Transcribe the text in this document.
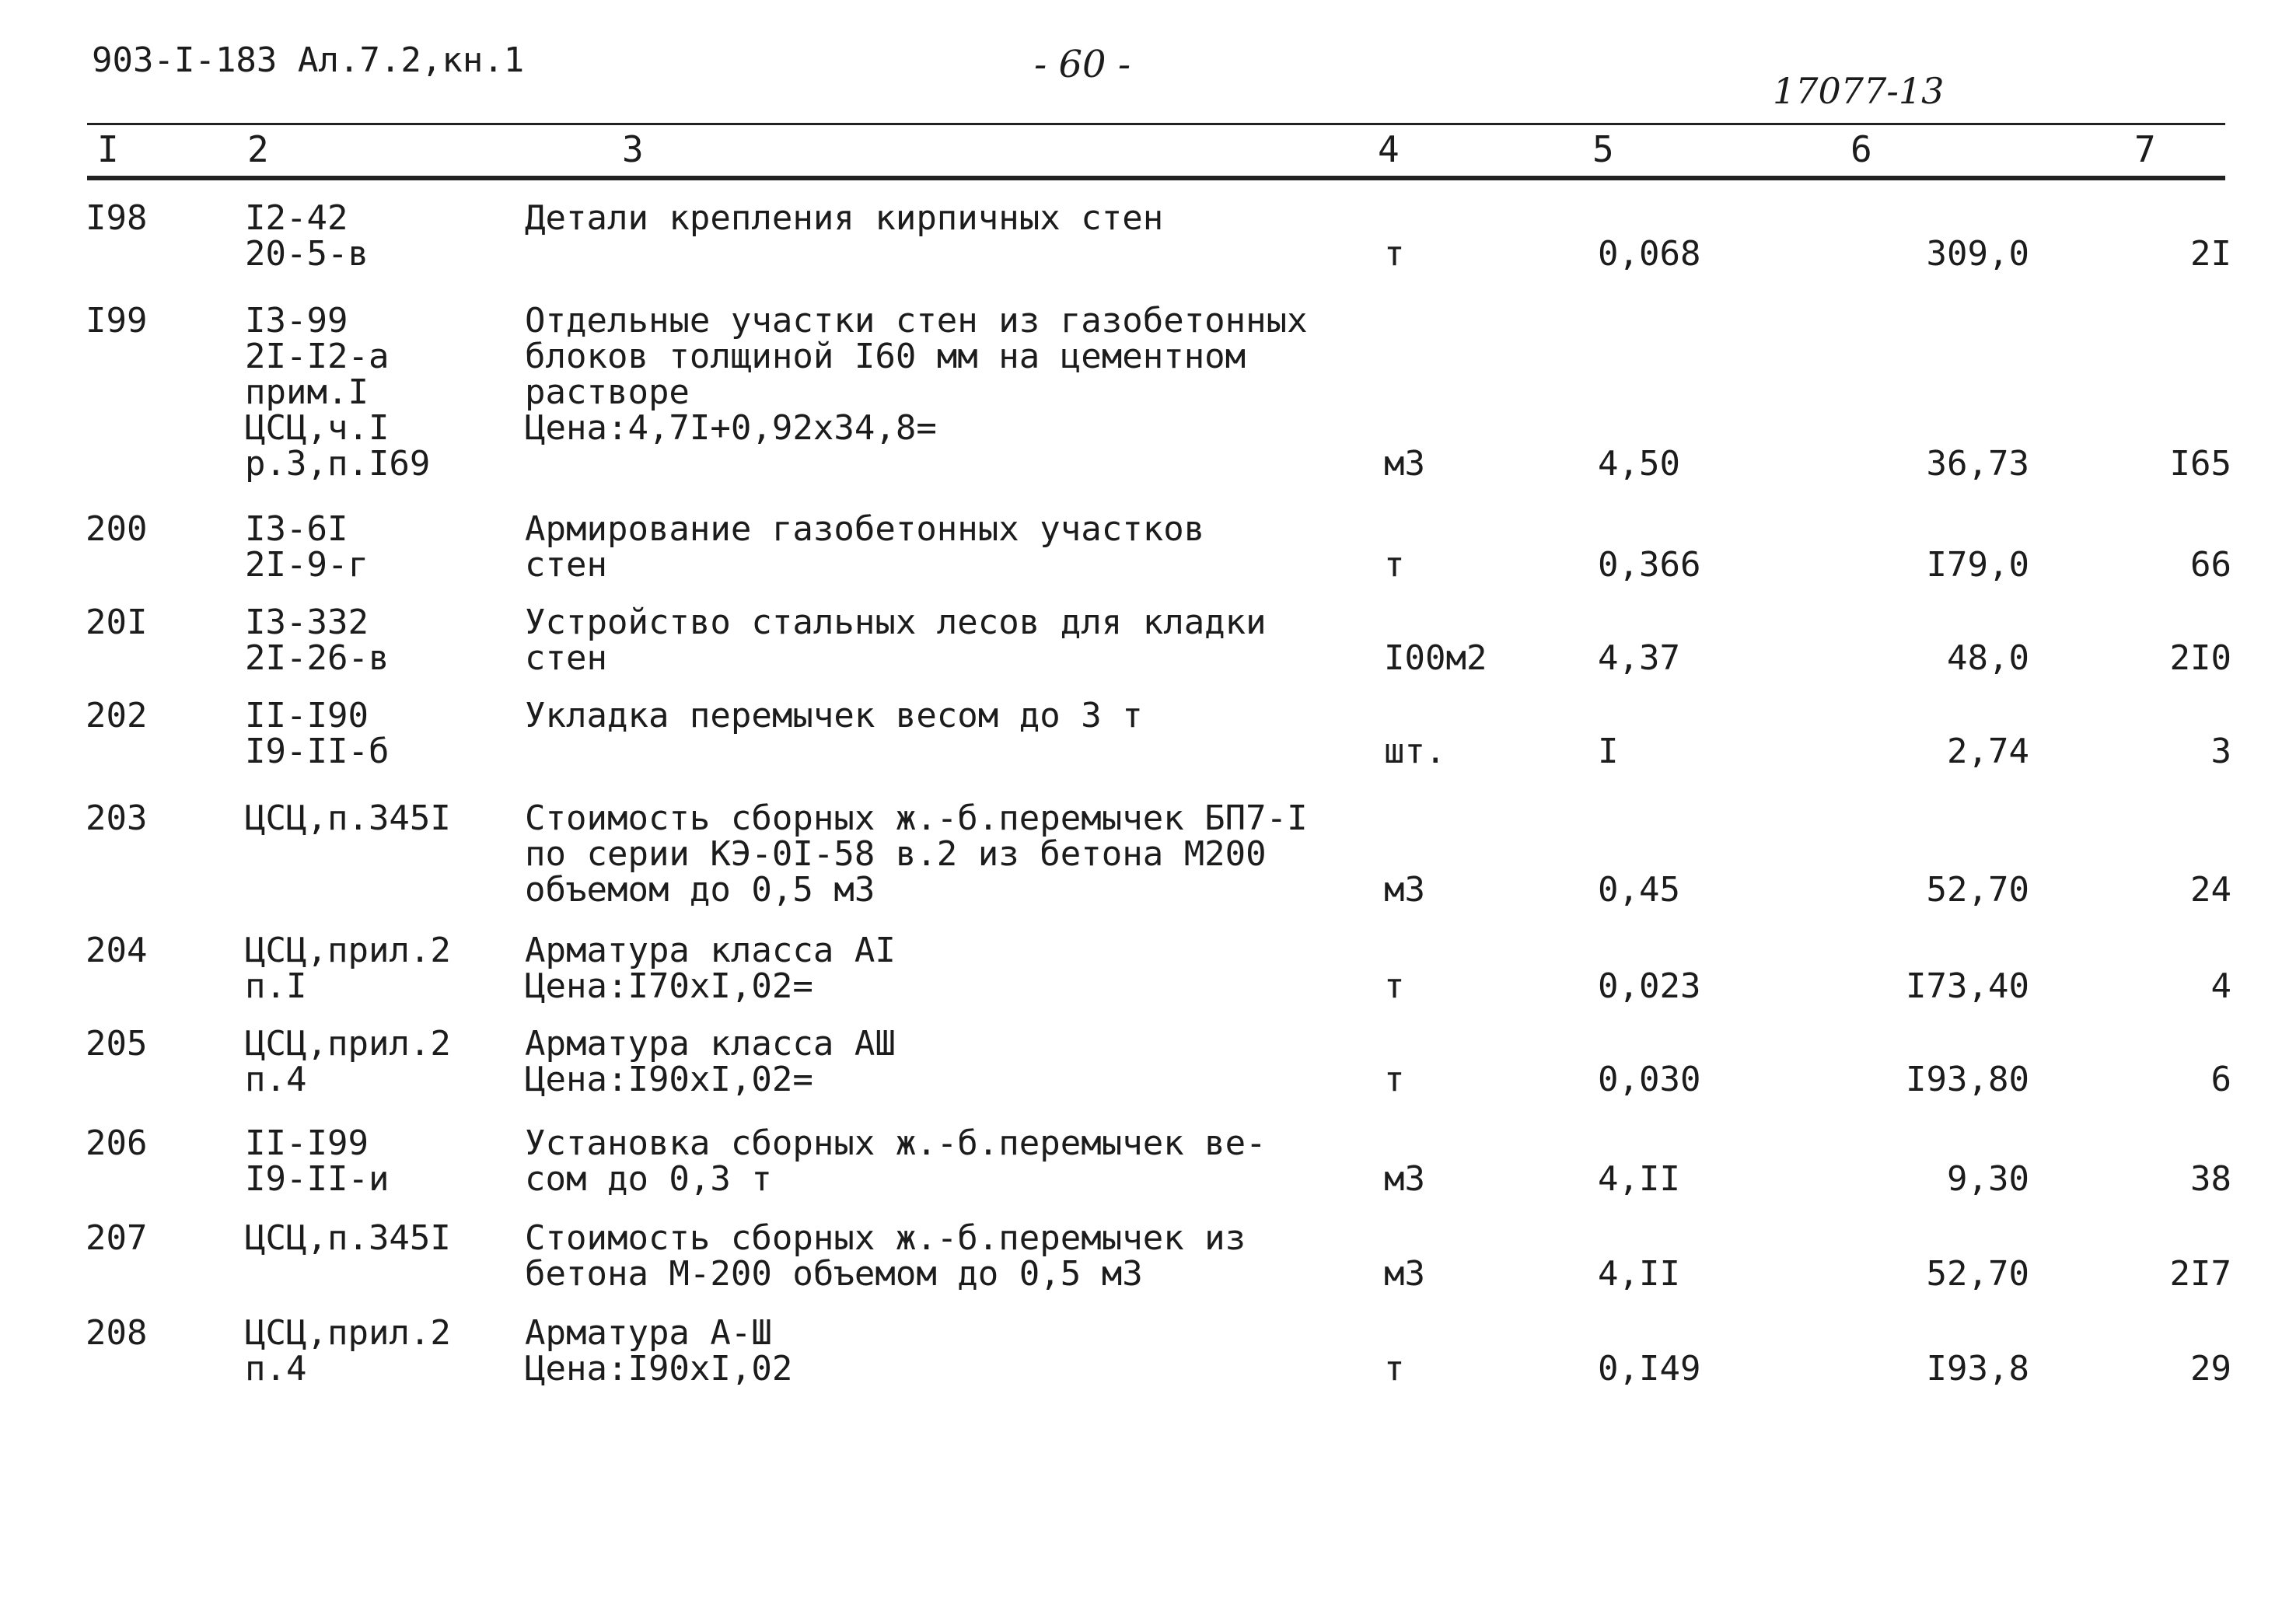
903-I-183 Ал.7.2,кн.1	- 60 -
17077-13
I	2	3	4	5	6	7
I98	I2-42
20-5-в	Детали крепления кирпичных стен	т	0,068	309,0	2I
I99	I3-99
2I-I2-а
прим.I
ЦСЦ,ч.I
р.3,п.I69	Отдельные участки стен из газобетонных
блоков толщиной I60 мм на цементном
растворе
Цена:4,7I+0,92х34,8=	м3	4,50	36,73	I65
200	I3-6I
2I-9-г	Армирование газобетонных участков
стен	т	0,366	I79,0	66
20I	I3-332
2I-26-в	Устройство стальных лесов для кладки
стен	I00м2	4,37	48,0	2I0
202	II-I90
I9-II-б	Укладка перемычек весом до 3 т	шт.	I	2,74	3
203	ЦСЦ,п.345I	Стоимость сборных ж.-б.перемычек БП7-I
по серии КЭ-0I-58 в.2 из бетона М200
объемом до 0,5 м3	м3	0,45	52,70	24
204	ЦСЦ,прил.2
п.I	Арматура класса АI
Цена:I70хI,02=	т	0,023	I73,40	4
205	ЦСЦ,прил.2
п.4	Арматура класса АШ
Цена:I90хI,02=	т	0,030	I93,80	6
206	II-I99
I9-II-и	Установка сборных ж.-б.перемычек ве-
сом до 0,3 т	м3	4,II	9,30	38
207	ЦСЦ,п.345I	Стоимость сборных ж.-б.перемычек из
бетона М-200 объемом до 0,5 м3	м3	4,II	52,70	2I7
208	ЦСЦ,прил.2
п.4	Арматура А-Ш
Цена:I90хI,02	т	0,I49	I93,8	29
